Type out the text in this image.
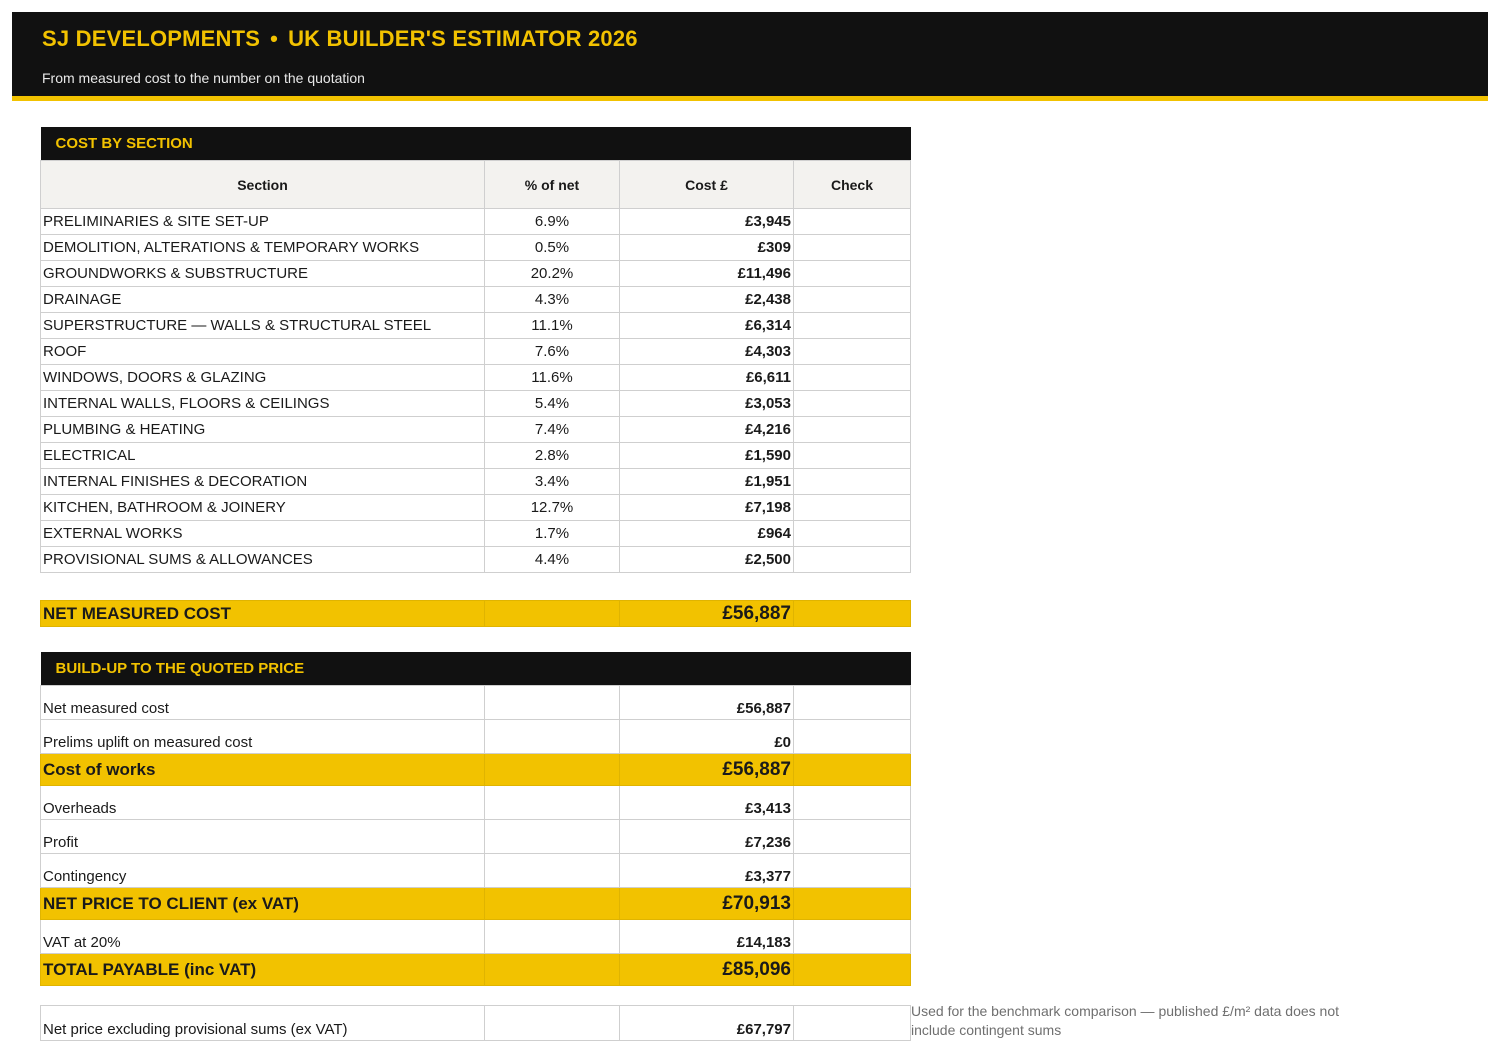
SJ DEVELOPMENTS • UK BUILDER'S ESTIMATOR 2026
From measured cost to the number on the quotation
COST BY SECTION			
Section	% of net	Cost £	Check
PRELIMINARIES & SITE SET-UP	6.9%	£3,945	
DEMOLITION, ALTERATIONS & TEMPORARY WORKS	0.5%	£309	
GROUNDWORKS & SUBSTRUCTURE	20.2%	£11,496	
DRAINAGE	4.3%	£2,438	
SUPERSTRUCTURE — WALLS & STRUCTURAL STEEL	11.1%	£6,314	
ROOF	7.6%	£4,303	
WINDOWS, DOORS & GLAZING	11.6%	£6,611	
INTERNAL WALLS, FLOORS & CEILINGS	5.4%	£3,053	
PLUMBING & HEATING	7.4%	£4,216	
ELECTRICAL	2.8%	£1,590	
INTERNAL FINISHES & DECORATION	3.4%	£1,951	
KITCHEN, BATHROOM & JOINERY	12.7%	£7,198	
EXTERNAL WORKS	1.7%	£964	
PROVISIONAL SUMS & ALLOWANCES	4.4%	£2,500	
NET MEASURED COST		£56,887	
BUILD-UP TO THE QUOTED PRICE			
Net measured cost		£56,887	
Prelims uplift on measured cost		£0	
Cost of works		£56,887	
Overheads		£3,413	
Profit		£7,236	
Contingency		£3,377	
NET PRICE TO CLIENT (ex VAT)		£70,913	
VAT at 20%		£14,183	
TOTAL PAYABLE (inc VAT)		£85,096	
Net price excluding provisional sums (ex VAT)		£67,797	
Used for the benchmark comparison — published £/m² data does not include contingent sums
